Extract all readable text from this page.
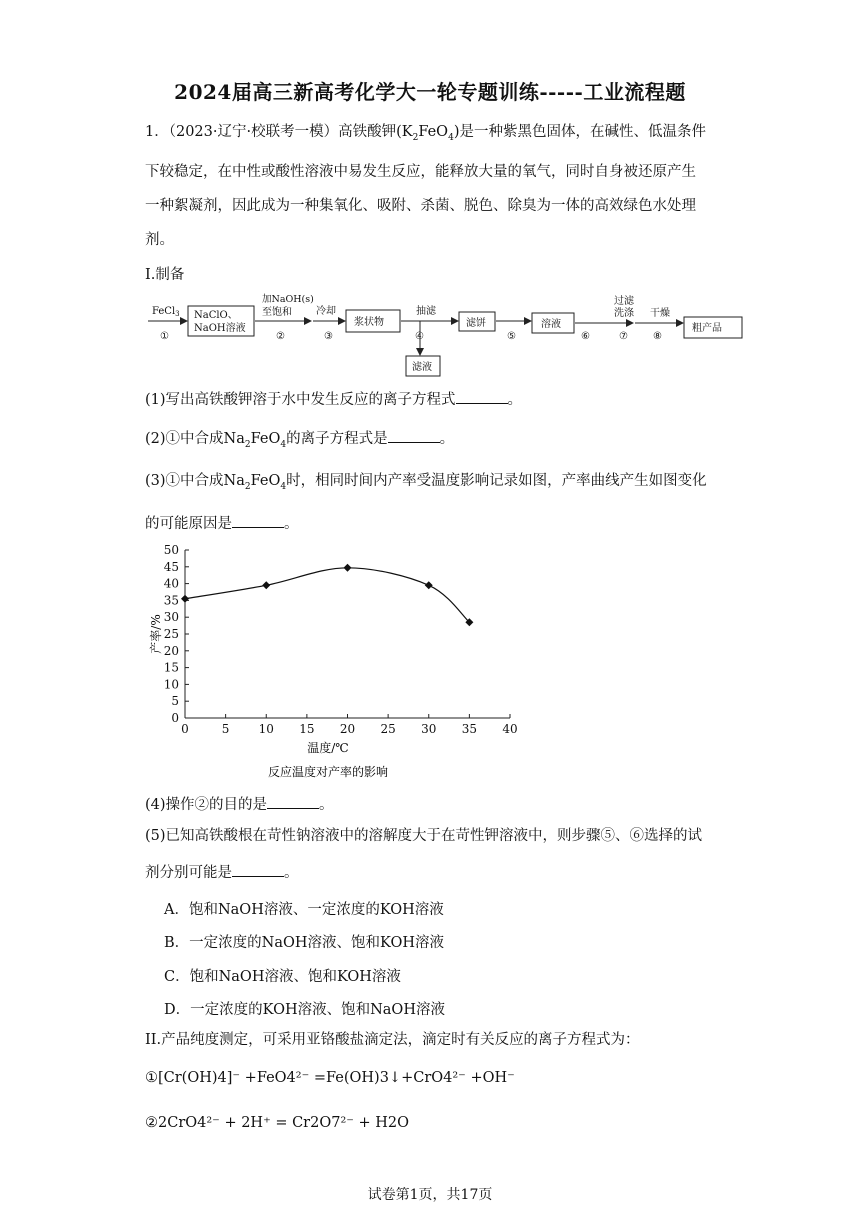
2024届高三新高考化学大一轮专题训练-----工业流程题
1．（2023·辽宁·校联考一模）高铁酸钾$(K_2FeO_4)$是一种紫黑色固体，在碱性、低温条件
下较稳定，在中性或酸性溶液中易发生反应，能释放大量的氧气，同时自身被还原产生
一种絮凝剂，因此成为一种集氧化、吸附、杀菌、脱色、除臭为一体的高效绿色水处理
剂。
I.制备
FeCl$_3$ NaClO、
NaOH溶液
加NaOH(s)
至饱和 冷却
浆状物
抽滤
滤液
滤饼	溶液
过滤
洗涤 干燥
粗产品
①	②	③	④	⑤	⑥	⑦	⑧
(1)写出高铁酸钾溶于水中发生反应的离子方程式	。
(2)①中合成$Na_2FeO_4$的离子方程式是	。
(3)①中合成$Na_2FeO_4$时，相同时间内产率受温度影响记录如图，产率曲线产生如图变化
的可能原因是	。
0	5 10 15 20 25 30 35 40
0
5
10
15
20
25
30
35
40
45
50
温度/℃
反应温度对产率的影响
产率/%
(4)操作②的目的是	。
(5)已知高铁酸根在苛性钠溶液中的溶解度大于在苛性钾溶液中，则步骤⑤、⑥选择的试
剂分别可能是	。
A．饱和NaOH溶液、一定浓度的KOH溶液
B．一定浓度的NaOH溶液、饱和KOH溶液
C．饱和NaOH溶液、饱和KOH溶液
D．一定浓度的KOH溶液、饱和NaOH溶液
II.产品纯度测定，可采用亚铬酸盐滴定法，滴定时有关反应的离子方程式为：
①[Cr(OH)4]⁻ +FeO4²⁻ =Fe(OH)3↓+CrO4²⁻ +OH⁻
②2CrO4²⁻ + 2H⁺ = Cr2O7²⁻ + H2O
试卷第1页，共17页
